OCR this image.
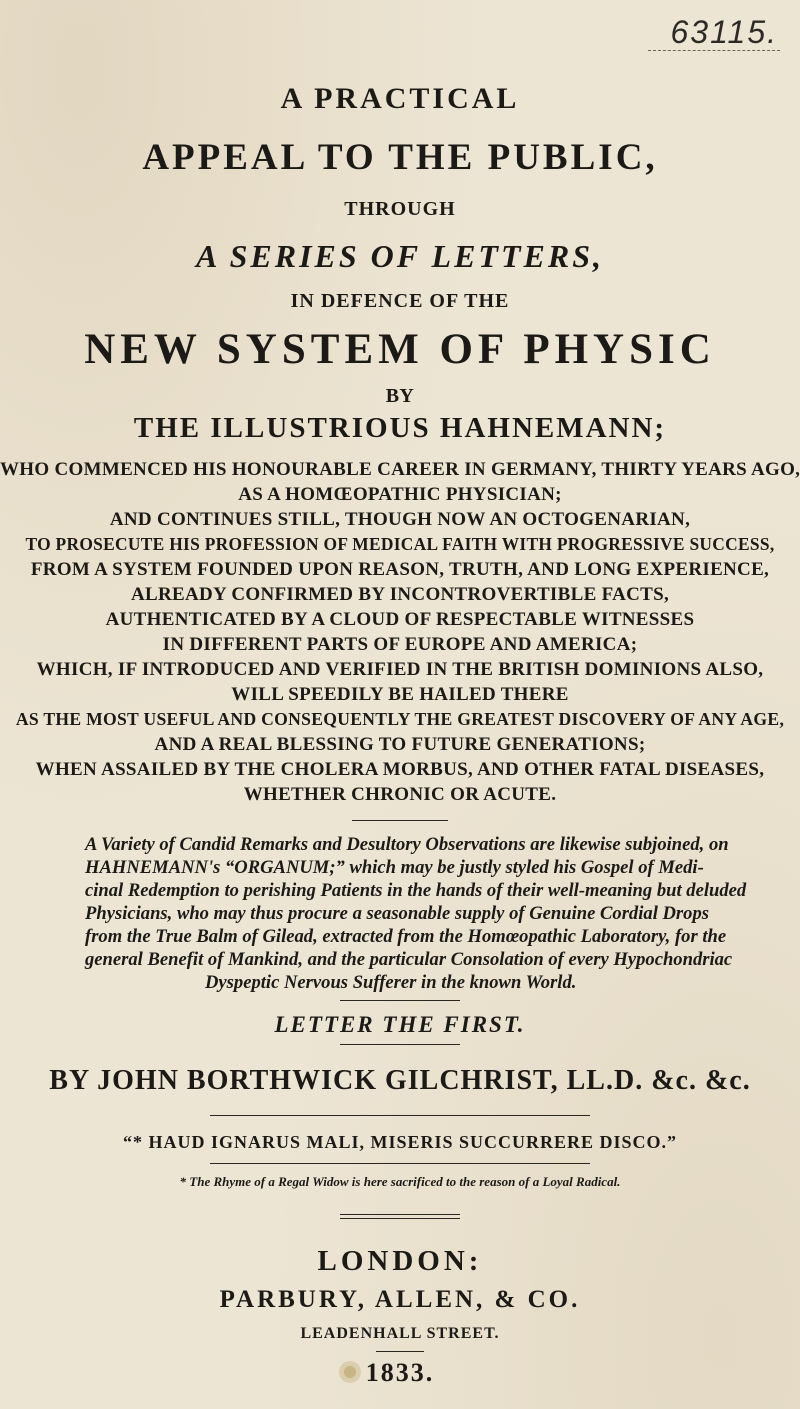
63115.
A PRACTICAL
APPEAL TO THE PUBLIC,
THROUGH
A SERIES OF LETTERS,
IN DEFENCE OF THE
NEW SYSTEM OF PHYSIC
BY
THE ILLUSTRIOUS HAHNEMANN;
WHO COMMENCED HIS HONOURABLE CAREER IN GERMANY, THIRTY YEARS AGO,
AS A HOMŒOPATHIC PHYSICIAN;
AND CONTINUES STILL, THOUGH NOW AN OCTOGENARIAN,
TO PROSECUTE HIS PROFESSION OF MEDICAL FAITH WITH PROGRESSIVE SUCCESS,
FROM A SYSTEM FOUNDED UPON REASON, TRUTH, AND LONG EXPERIENCE,
ALREADY CONFIRMED BY INCONTROVERTIBLE FACTS,
AUTHENTICATED BY A CLOUD OF RESPECTABLE WITNESSES
IN DIFFERENT PARTS OF EUROPE AND AMERICA;
WHICH, IF INTRODUCED AND VERIFIED IN THE BRITISH DOMINIONS ALSO,
WILL SPEEDILY BE HAILED THERE
AS THE MOST USEFUL AND CONSEQUENTLY THE GREATEST DISCOVERY OF ANY AGE,
AND A REAL BLESSING TO FUTURE GENERATIONS;
WHEN ASSAILED BY THE CHOLERA MORBUS, AND OTHER FATAL DISEASES,
WHETHER CHRONIC OR ACUTE.
A Variety of Candid Remarks and Desultory Observations are likewise subjoined, on
HAHNEMANN's “ORGANUM;” which may be justly styled his Gospel of Medi-
cinal Redemption to perishing Patients in the hands of their well-meaning but deluded
Physicians, who may thus procure a seasonable supply of Genuine Cordial Drops
from the True Balm of Gilead, extracted from the Homœopathic Laboratory, for the
general Benefit of Mankind, and the particular Consolation of every Hypochondriac
Dyspeptic Nervous Sufferer in the known World.
LETTER THE FIRST.
BY JOHN BORTHWICK GILCHRIST, LL.D. &c. &c.
“* HAUD IGNARUS MALI, MISERIS SUCCURRERE DISCO.”
* The Rhyme of a Regal Widow is here sacrificed to the reason of a Loyal Radical.
LONDON:
PARBURY, ALLEN, & CO.
LEADENHALL STREET.
1833.
